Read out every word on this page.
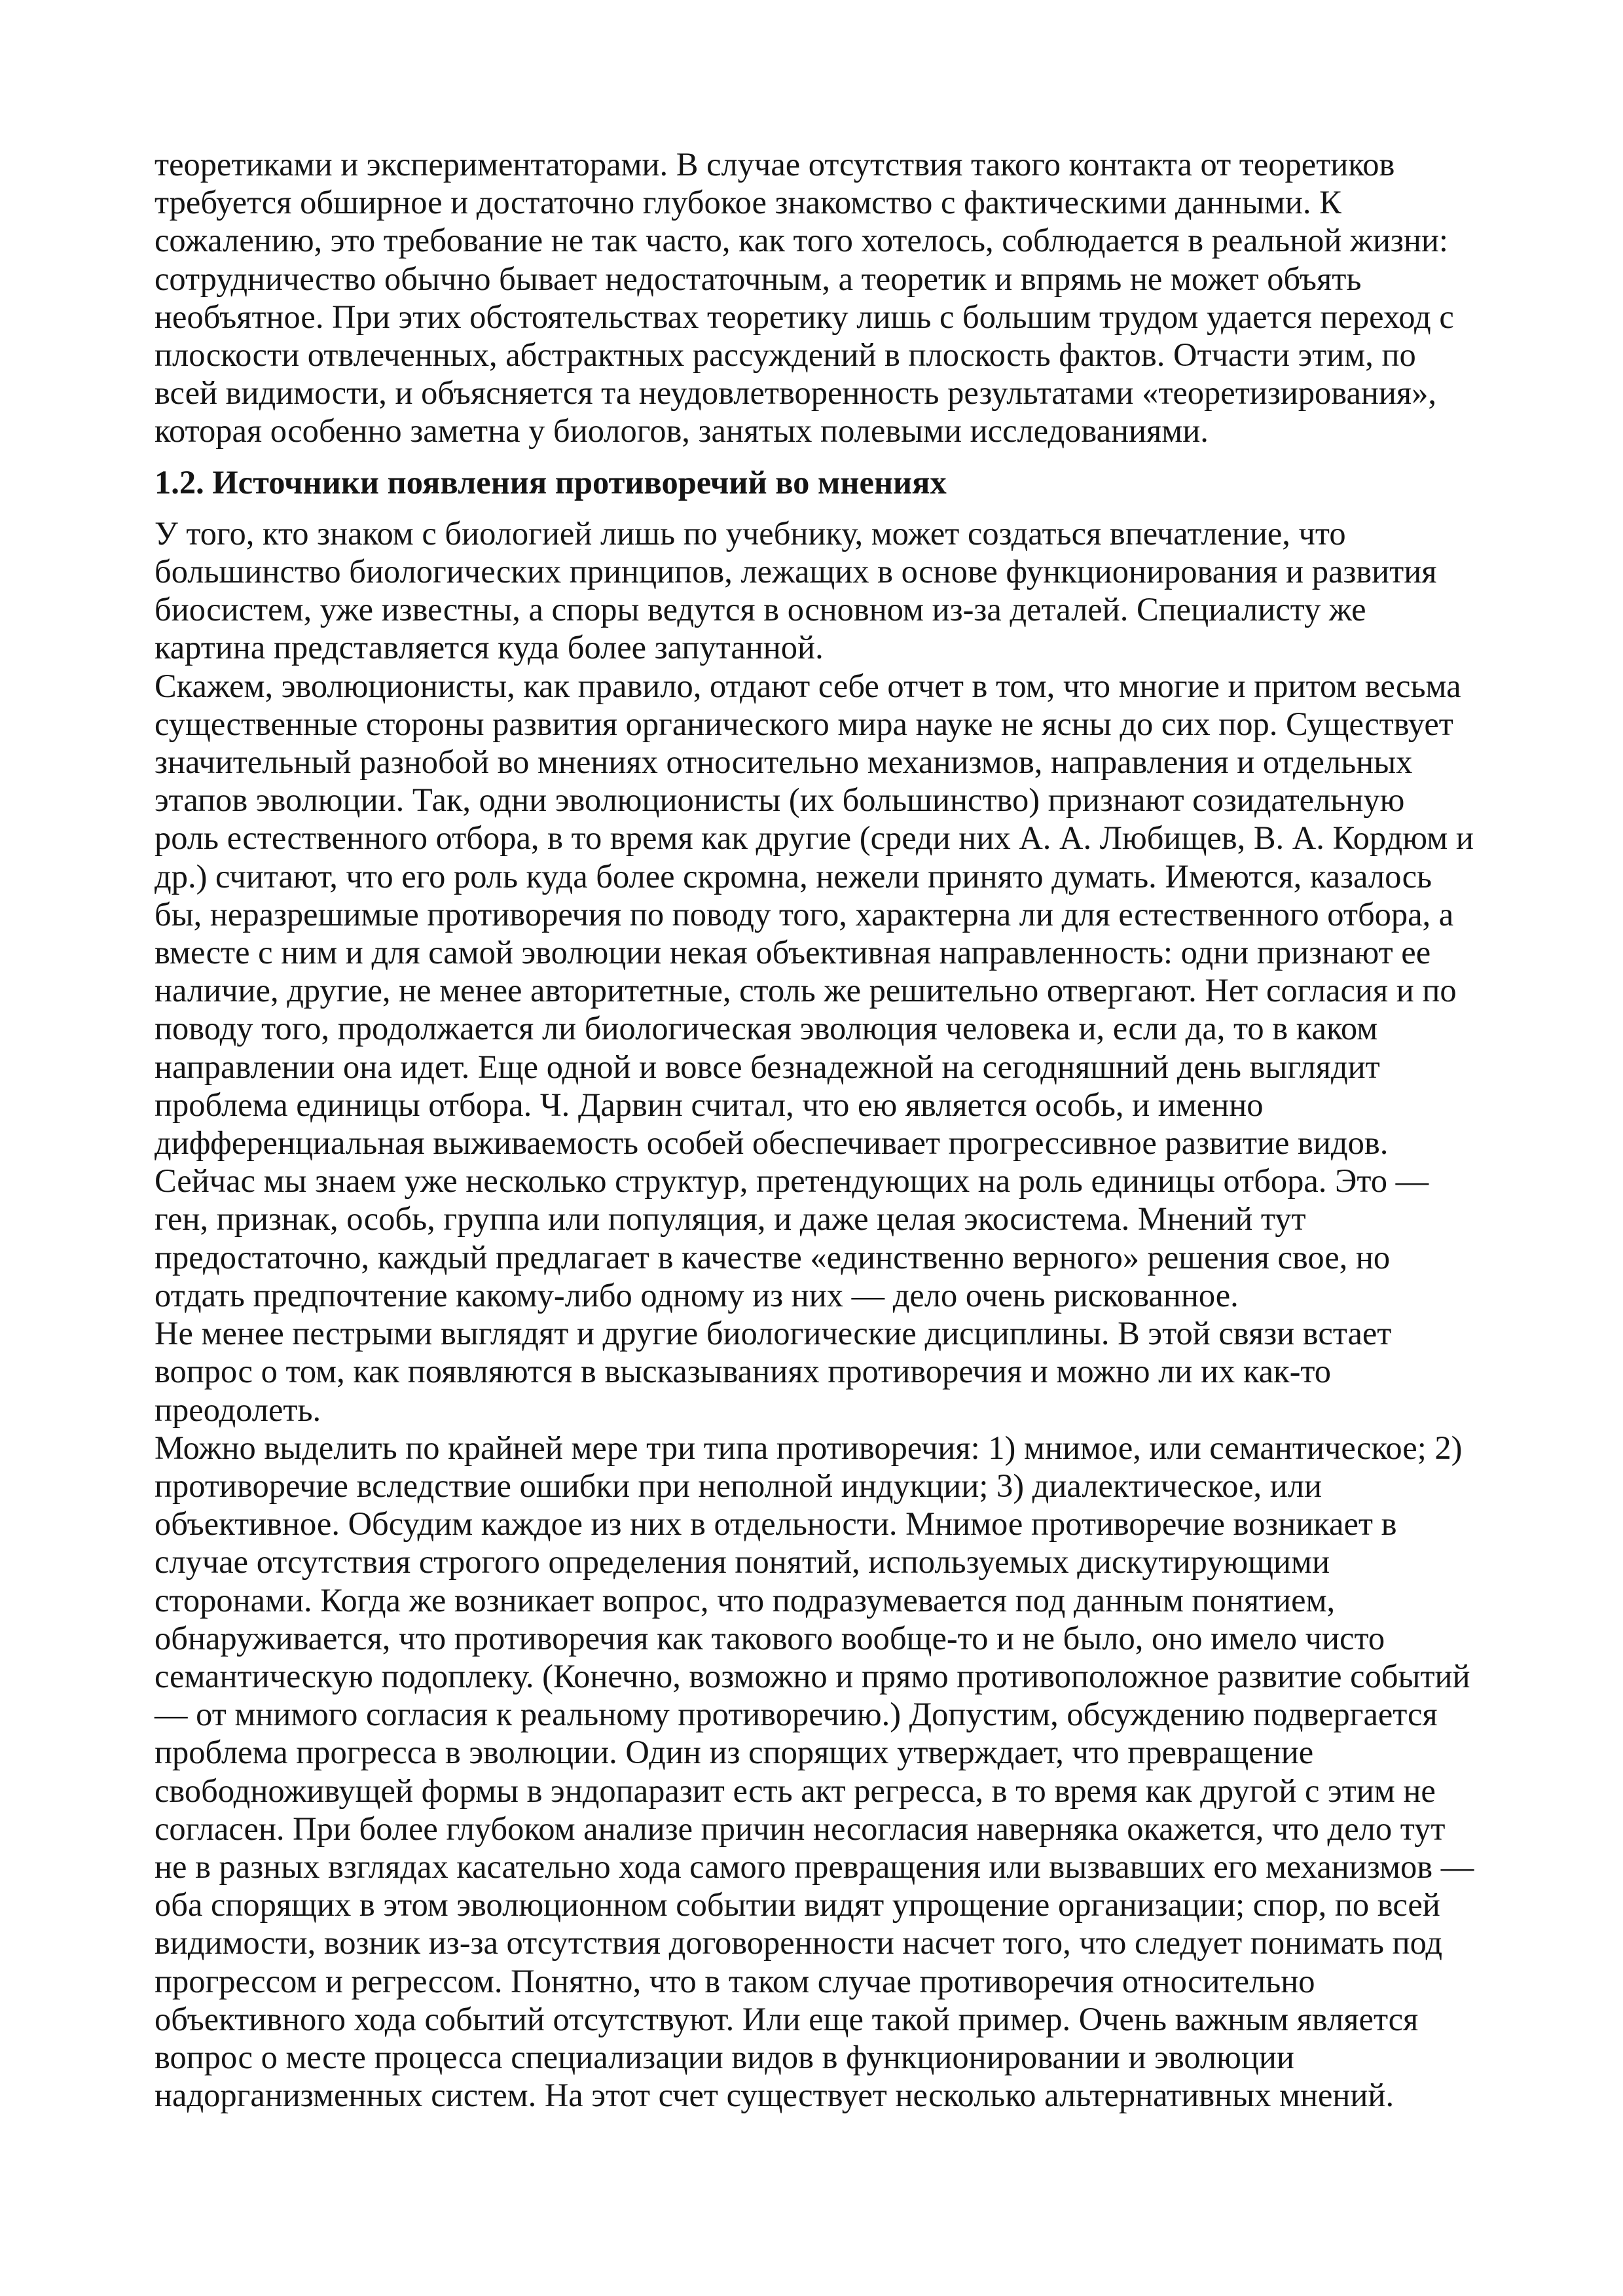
теоретиками и экспериментаторами. В случае отсутствия такого контакта от теоретиков требуется обширное и достаточно глубокое знакомство с фактическими данными. К сожалению, это требование не так часто, как того хотелось, соблюдается в реальной жизни: сотрудничество обычно бывает недостаточным, а теоретик и впрямь не может объять необъятное. При этих обстоятельствах теоретику лишь с большим трудом удается переход с плоскости отвлеченных, абстрактных рассуждений в плоскость фактов. Отчасти этим, по всей видимости, и объясняется та неудовлетворенность результатами «теоретизирования», которая особенно заметна у биологов, занятых полевыми исследованиями.

1.2. Источники появления противоречий во мнениях

У того, кто знаком с биологией лишь по учебнику, может создаться впечатление, что большинство биологических принципов, лежащих в основе функционирования и развития биосистем, уже известны, а споры ведутся в основном из-за деталей. Специалисту же картина представляется куда более запутанной.

Скажем, эволюционисты, как правило, отдают себе отчет в том, что многие и притом весьма существенные стороны развития органического мира науке не ясны до сих пор. Существует значительный разнобой во мнениях относительно механизмов, направления и отдельных этапов эволюции. Так, одни эволюционисты (их большинство) признают созидательную роль естественного отбора, в то время как другие (среди них А. А. Любищев, В. А. Кордюм и др.) считают, что его роль куда более скромна, нежели принято думать. Имеются, казалось бы, неразрешимые противоречия по поводу того, характерна ли для естественного отбора, а вместе с ним и для самой эволюции некая объективная направленность: одни признают ее наличие, другие, не менее авторитетные, столь же решительно отвергают. Нет согласия и по поводу того, продолжается ли биологическая эволюция человека и, если да, то в каком направлении она идет. Еще одной и вовсе безнадежной на сегодняшний день выглядит проблема единицы отбора. Ч. Дарвин считал, что ею является особь, и именно дифференциальная выживаемость особей обеспечивает прогрессивное развитие видов. Сейчас мы знаем уже несколько структур, претендующих на роль единицы отбора. Это — ген, признак, особь, группа или популяция, и даже целая экосистема. Мнений тут предостаточно, каждый предлагает в качестве «единственно верного» решения свое, но отдать предпочтение какому-либо одному из них — дело очень рискованное.

Не менее пестрыми выглядят и другие биологические дисциплины. В этой связи встает вопрос о том, как появляются в высказываниях противоречия и можно ли их как-то преодолеть.

Можно выделить по крайней мере три типа противоречия: 1) мнимое, или семантическое; 2) противоречие вследствие ошибки при неполной индукции; 3) диалектическое, или объективное. Обсудим каждое из них в отдельности. Мнимое противоречие возникает в случае отсутствия строгого определения понятий, используемых дискутирующими сторонами. Когда же возникает вопрос, что подразумевается под данным понятием, обнаруживается, что противоречия как такового вообще-то и не было, оно имело чисто семантическую подоплеку. (Конечно, возможно и прямо противоположное развитие событий — от мнимого согласия к реальному противоречию.) Допустим, обсуждению подвергается проблема прогресса в эволюции. Один из спорящих утверждает, что превращение свободноживущей формы в эндопаразит есть акт регресса, в то время как другой с этим не согласен. При более глубоком анализе причин несогласия наверняка окажется, что дело тут не в разных взглядах касательно хода самого превращения или вызвавших его механизмов — оба спорящих в этом эволюционном событии видят упрощение организации; спор, по всей видимости, возник из-за отсутствия договоренности насчет того, что следует понимать под прогрессом и регрессом. Понятно, что в таком случае противоречия относительно объективного хода событий отсутствуют. Или еще такой пример. Очень важным является вопрос о месте процесса специализации видов в функционировании и эволюции надорганизменных систем. На этот счет существует несколько альтернативных мнений.
